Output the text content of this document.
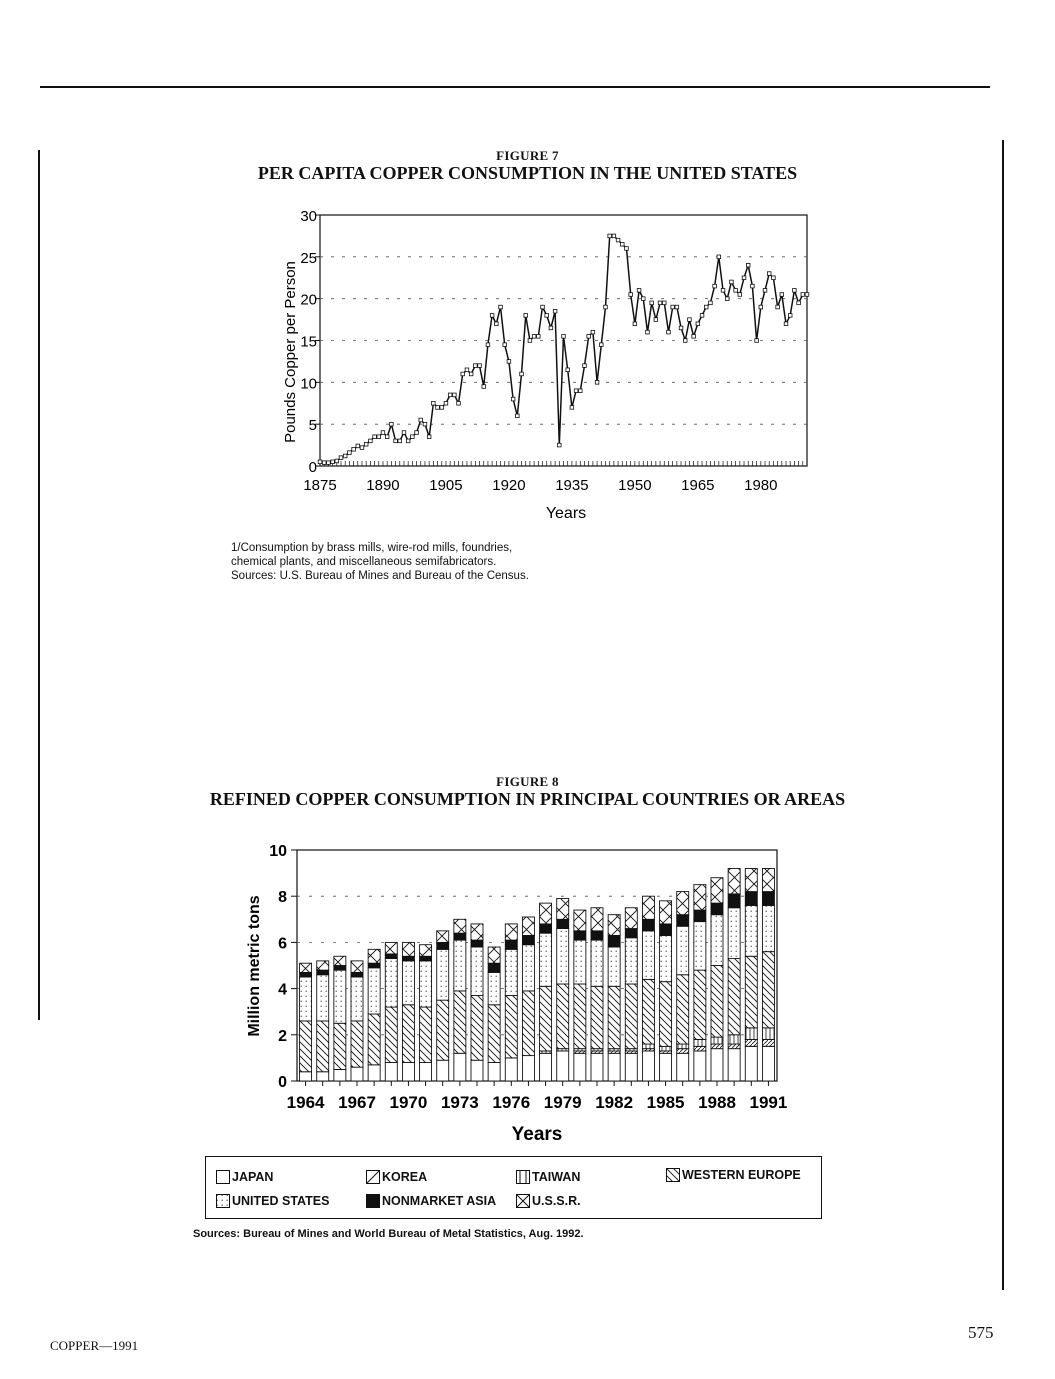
FIGURE 7
PER CAPITA COPPER CONSUMPTION IN THE UNITED STATES
Pounds Copper per Person
Years
0
5
10
15
20
25
30
1875 1890 1905 1920 1935 1950 1965 1980
1/Consumption by brass mills, wire-rod mills, foundries,
chemical plants, and miscellaneous semifabricators.
Sources: U.S. Bureau of Mines and Bureau of the Census.
FIGURE 8
REFINED COPPER CONSUMPTION IN PRINCIPAL COUNTRIES OR AREAS
Million metric tons
Years
0
2
4
6
8
10
1964 1967 1970 1973 1976 1979 1982 1985 1988 1991
JAPAN	KOREA	TAIWAN	WESTERN EUROPE
UNITED STATES	NONMARKET ASIA	U.S.S.R.
Sources: Bureau of Mines and World Bureau of Metal Statistics, Aug. 1992.
COPPER—1991
575
